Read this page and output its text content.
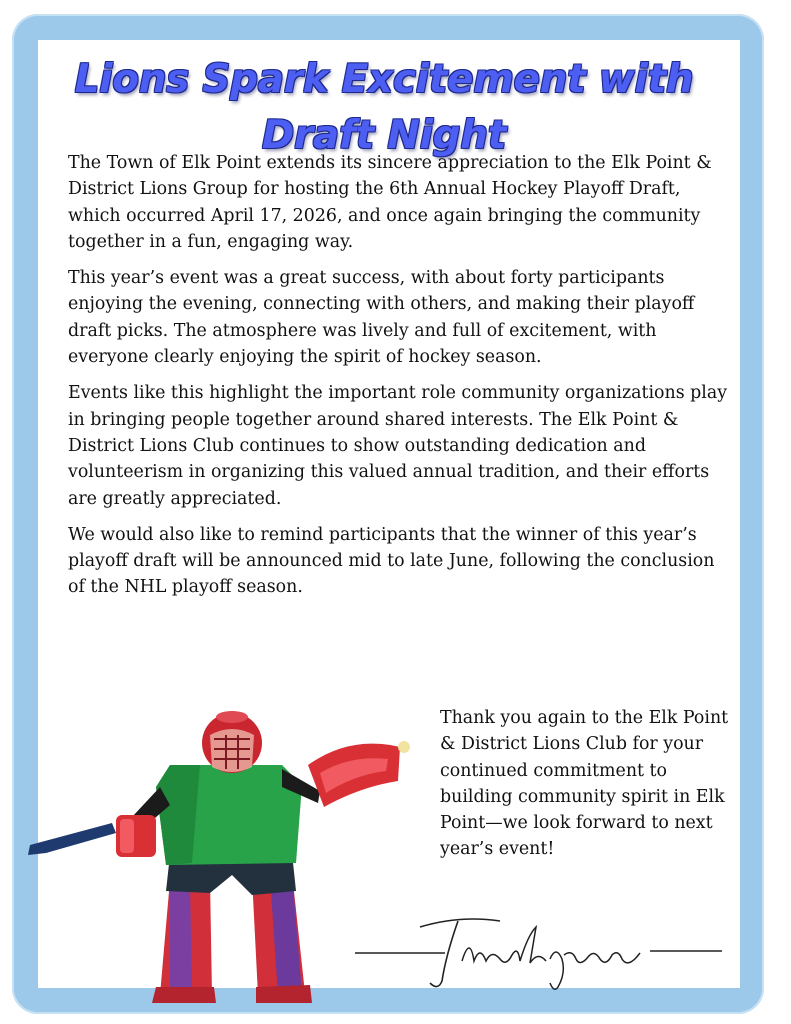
Lions Spark Excitement with Draft Night

The Town of Elk Point extends its sincere appreciation to the Elk Point & District Lions Group for hosting the 6th Annual Hockey Playoff Draft, which occurred April 17, 2026, and once again bringing the community together in a fun, engaging way.

This year’s event was a great success, with about forty participants enjoying the evening, connecting with others, and making their playoff draft picks. The atmosphere was lively and full of excitement, with everyone clearly enjoying the spirit of hockey season.

Events like this highlight the important role community organizations play in bringing people together around shared interests. The Elk Point & District Lions Club continues to show outstanding dedication and volunteerism in organizing this valued annual tradition, and their efforts are greatly appreciated.

We would also like to remind participants that the winner of this year’s playoff draft will be announced mid to late June, following the conclusion of the NHL playoff season.

Thank you again to the Elk Point & District Lions Club for your continued commitment to building community spirit in Elk Point—we look forward to next year’s event!
